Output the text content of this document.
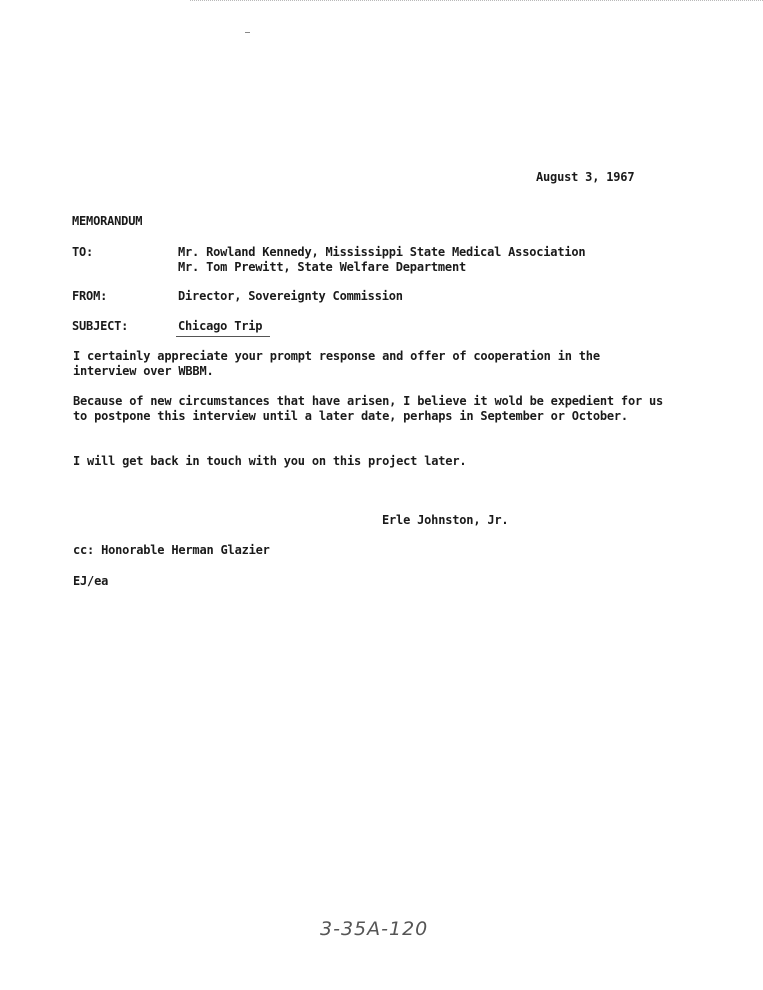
August 3, 1967
MEMORANDUM
TO:	Mr. Rowland Kennedy, Mississippi State Medical Association
Mr. Tom Prewitt, State Welfare Department
FROM:	Director, Sovereignty Commission
SUBJECT:	Chicago Trip
I certainly appreciate your prompt response and offer of cooperation in the interview over WBBM.
Because of new circumstances that have arisen, I believe it wold be expedient for us to postpone this interview until a later date, perhaps in September or October.
I will get back in touch with you on this project later.
Erle Johnston, Jr.
cc: Honorable Herman Glazier
EJ/ea
3-35A-120
